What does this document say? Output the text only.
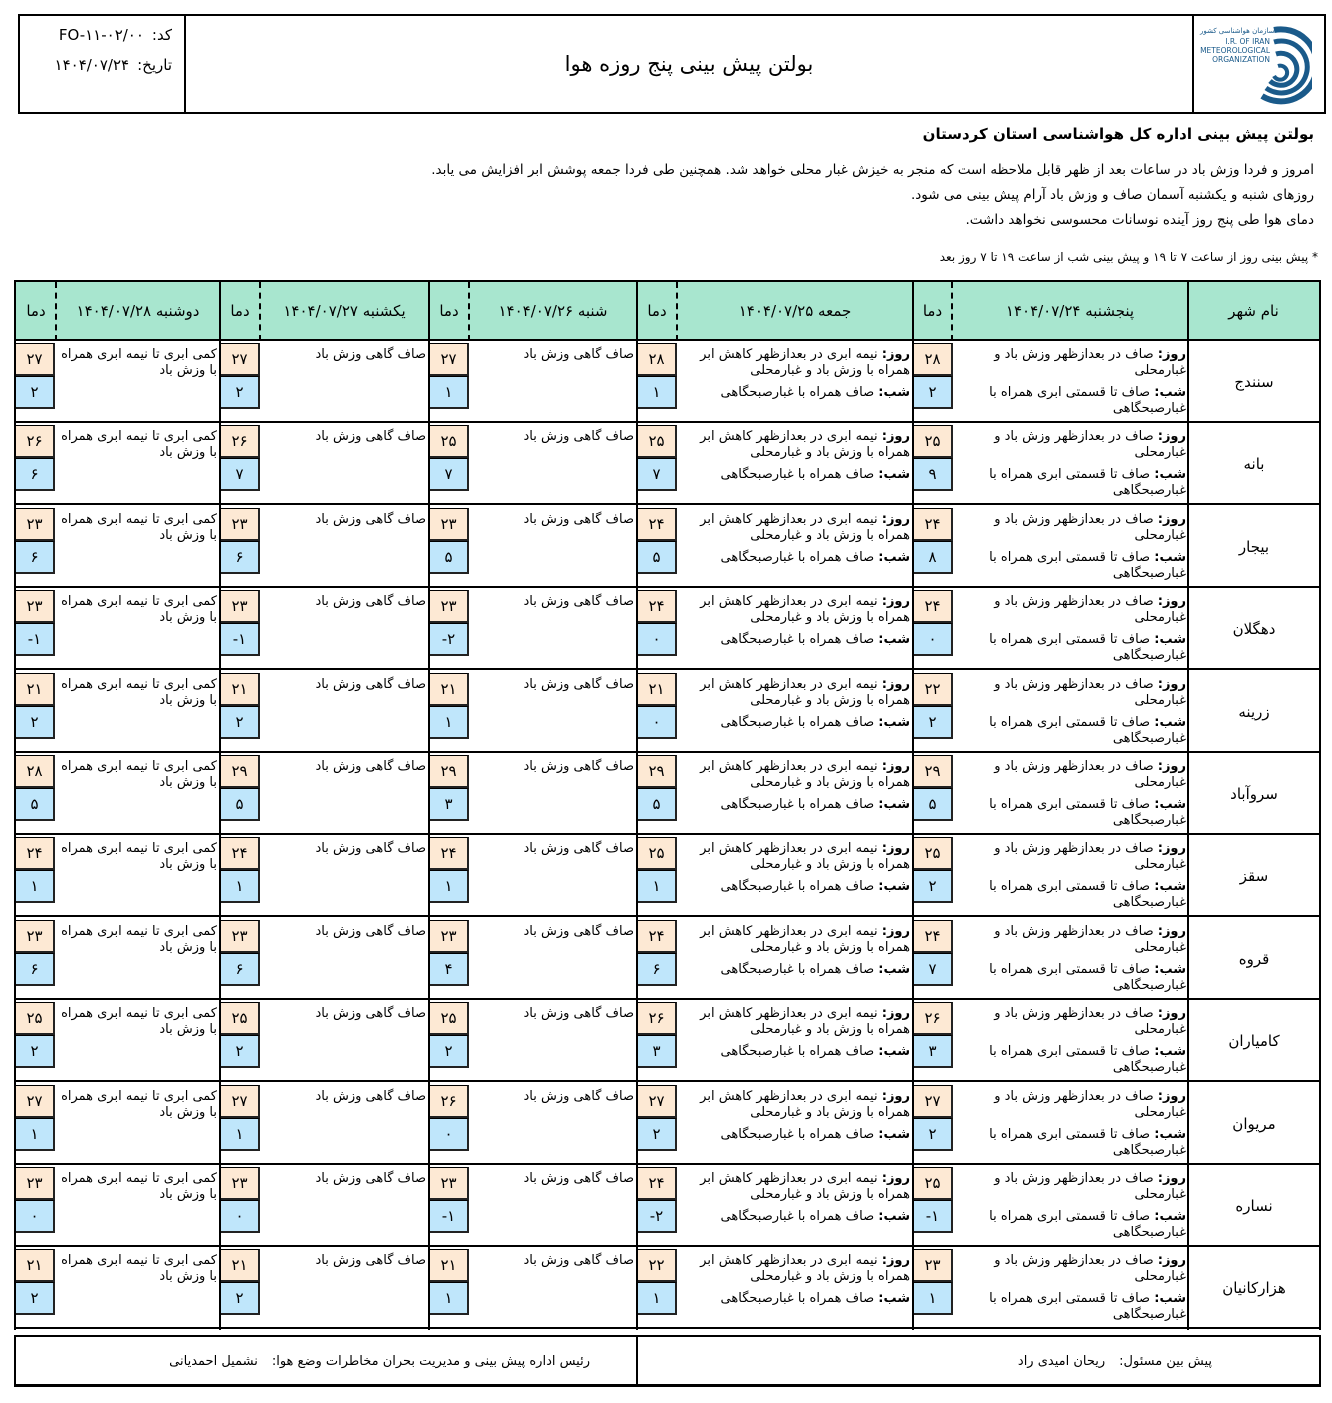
کد:FO-۱۱-۰۲/۰۰
تاریخ:۱۴۰۴/۰۷/۲۴	بولتن پیش بینی پنج روزه هوا
سازمان هواشناسی کشور
I.R. OF IRAN
METEOROLOGICAL
ORGANIZATION
بولتن پیش بینی اداره کل هواشناسی استان کردستان
امروز و فردا وزش باد در ساعات بعد از ظهر قابل ملاحظه است که منجر به خیزش غبار محلی خواهد شد. همچنین طی فردا جمعه پوشش ابر افزایش می یابد.
روزهای شنبه و یکشنبه آسمان صاف و وزش باد آرام پیش بینی می شود.
دمای هوا طی پنج روز آینده نوسانات محسوسی نخواهد داشت.
* پیش بینی روز از ساعت ۷ تا ۱۹ و پیش بینی شب از ساعت ۱۹ تا ۷ روز بعد
نام شهر
پنجشنبه ۱۴۰۴/۰۷/۲۴
دما
جمعه ۱۴۰۴/۰۷/۲۵
دما
شنبه ۱۴۰۴/۰۷/۲۶
دما
یکشنبه ۱۴۰۴/۰۷/۲۷
دما
دوشنبه ۱۴۰۴/۰۷/۲۸
دما
سنندج
۲۸
۲
روز: صاف در بعدازظهر وزش باد و غبارمحلی
شب: صاف تا قسمتی ابری همراه با غبارصبحگاهی
۲۸
۱
روز: نیمه ابری در بعدازظهر کاهش ابر همراه با وزش باد و غبارمحلی
شب: صاف همراه با غبارصبحگاهی
۲۷
۱
صاف گاهی وزش باد
۲۷
۲
صاف گاهی وزش باد
۲۷
۲
کمی ابری تا نیمه ابری همراه با وزش باد
بانه
۲۵
۹
روز: صاف در بعدازظهر وزش باد و غبارمحلی
شب: صاف تا قسمتی ابری همراه با غبارصبحگاهی
۲۵
۷
روز: نیمه ابری در بعدازظهر کاهش ابر همراه با وزش باد و غبارمحلی
شب: صاف همراه با غبارصبحگاهی
۲۵
۷
صاف گاهی وزش باد
۲۶
۷
صاف گاهی وزش باد
۲۶
۶
کمی ابری تا نیمه ابری همراه با وزش باد
بیجار
۲۴
۸
روز: صاف در بعدازظهر وزش باد و غبارمحلی
شب: صاف تا قسمتی ابری همراه با غبارصبحگاهی
۲۴
۵
روز: نیمه ابری در بعدازظهر کاهش ابر همراه با وزش باد و غبارمحلی
شب: صاف همراه با غبارصبحگاهی
۲۳
۵
صاف گاهی وزش باد
۲۳
۶
صاف گاهی وزش باد
۲۳
۶
کمی ابری تا نیمه ابری همراه با وزش باد
دهگلان
۲۴
۰
روز: صاف در بعدازظهر وزش باد و غبارمحلی
شب: صاف تا قسمتی ابری همراه با غبارصبحگاهی
۲۴
۰
روز: نیمه ابری در بعدازظهر کاهش ابر همراه با وزش باد و غبارمحلی
شب: صاف همراه با غبارصبحگاهی
۲۳
-۲
صاف گاهی وزش باد
۲۳
-۱
صاف گاهی وزش باد
۲۳
-۱
کمی ابری تا نیمه ابری همراه با وزش باد
زرینه
۲۲
۲
روز: صاف در بعدازظهر وزش باد و غبارمحلی
شب: صاف تا قسمتی ابری همراه با غبارصبحگاهی
۲۱
۰
روز: نیمه ابری در بعدازظهر کاهش ابر همراه با وزش باد و غبارمحلی
شب: صاف همراه با غبارصبحگاهی
۲۱
۱
صاف گاهی وزش باد
۲۱
۲
صاف گاهی وزش باد
۲۱
۲
کمی ابری تا نیمه ابری همراه با وزش باد
سروآباد
۲۹
۵
روز: صاف در بعدازظهر وزش باد و غبارمحلی
شب: صاف تا قسمتی ابری همراه با غبارصبحگاهی
۲۹
۵
روز: نیمه ابری در بعدازظهر کاهش ابر همراه با وزش باد و غبارمحلی
شب: صاف همراه با غبارصبحگاهی
۲۹
۳
صاف گاهی وزش باد
۲۹
۵
صاف گاهی وزش باد
۲۸
۵
کمی ابری تا نیمه ابری همراه با وزش باد
سقز
۲۵
۲
روز: صاف در بعدازظهر وزش باد و غبارمحلی
شب: صاف تا قسمتی ابری همراه با غبارصبحگاهی
۲۵
۱
روز: نیمه ابری در بعدازظهر کاهش ابر همراه با وزش باد و غبارمحلی
شب: صاف همراه با غبارصبحگاهی
۲۴
۱
صاف گاهی وزش باد
۲۴
۱
صاف گاهی وزش باد
۲۴
۱
کمی ابری تا نیمه ابری همراه با وزش باد
قروه
۲۴
۷
روز: صاف در بعدازظهر وزش باد و غبارمحلی
شب: صاف تا قسمتی ابری همراه با غبارصبحگاهی
۲۴
۶
روز: نیمه ابری در بعدازظهر کاهش ابر همراه با وزش باد و غبارمحلی
شب: صاف همراه با غبارصبحگاهی
۲۳
۴
صاف گاهی وزش باد
۲۳
۶
صاف گاهی وزش باد
۲۳
۶
کمی ابری تا نیمه ابری همراه با وزش باد
کامیاران
۲۶
۳
روز: صاف در بعدازظهر وزش باد و غبارمحلی
شب: صاف تا قسمتی ابری همراه با غبارصبحگاهی
۲۶
۳
روز: نیمه ابری در بعدازظهر کاهش ابر همراه با وزش باد و غبارمحلی
شب: صاف همراه با غبارصبحگاهی
۲۵
۲
صاف گاهی وزش باد
۲۵
۲
صاف گاهی وزش باد
۲۵
۲
کمی ابری تا نیمه ابری همراه با وزش باد
مریوان
۲۷
۲
روز: صاف در بعدازظهر وزش باد و غبارمحلی
شب: صاف تا قسمتی ابری همراه با غبارصبحگاهی
۲۷
۲
روز: نیمه ابری در بعدازظهر کاهش ابر همراه با وزش باد و غبارمحلی
شب: صاف همراه با غبارصبحگاهی
۲۶
۰
صاف گاهی وزش باد
۲۷
۱
صاف گاهی وزش باد
۲۷
۱
کمی ابری تا نیمه ابری همراه با وزش باد
نساره
۲۵
-۱
روز: صاف در بعدازظهر وزش باد و غبارمحلی
شب: صاف تا قسمتی ابری همراه با غبارصبحگاهی
۲۴
-۲
روز: نیمه ابری در بعدازظهر کاهش ابر همراه با وزش باد و غبارمحلی
شب: صاف همراه با غبارصبحگاهی
۲۳
-۱
صاف گاهی وزش باد
۲۳
۰
صاف گاهی وزش باد
۲۳
۰
کمی ابری تا نیمه ابری همراه با وزش باد
هزارکانیان
۲۳
۱
روز: صاف در بعدازظهر وزش باد و غبارمحلی
شب: صاف تا قسمتی ابری همراه با غبارصبحگاهی
۲۲
۱
روز: نیمه ابری در بعدازظهر کاهش ابر همراه با وزش باد و غبارمحلی
شب: صاف همراه با غبارصبحگاهی
۲۱
۱
صاف گاهی وزش باد
۲۱
۲
صاف گاهی وزش باد
۲۱
۲
کمی ابری تا نیمه ابری همراه با وزش باد
پیش بین مسئول:ریحان امیدی راد
رئیس اداره پیش بینی و مدیریت بحران مخاطرات وضع هوا:نشمیل احمدیانی
